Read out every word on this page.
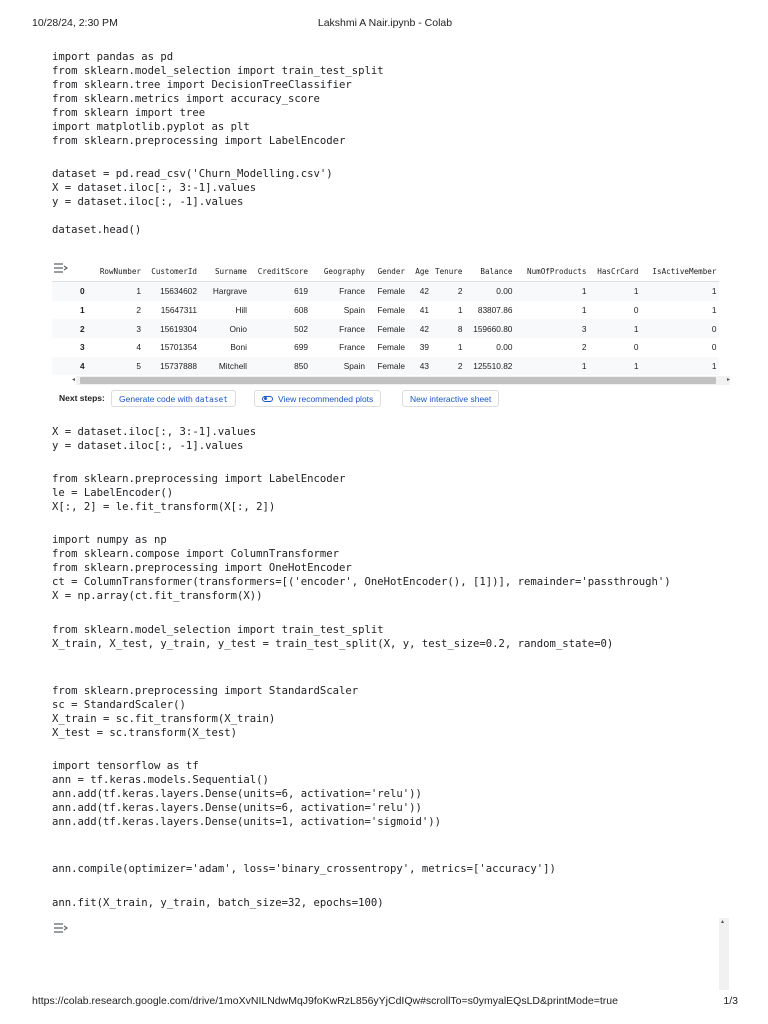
10/28/24, 2:30 PM	Lakshmi A Nair.ipynb - Colab
import pandas as pd
from sklearn.model_selection import train_test_split
from sklearn.tree import DecisionTreeClassifier
from sklearn.metrics import accuracy_score
from sklearn import tree
import matplotlib.pyplot as plt
from sklearn.preprocessing import LabelEncoder
dataset = pd.read_csv('Churn_Modelling.csv')
X = dataset.iloc[:, 3:-1].values
y = dataset.iloc[:, -1].values
dataset.head()
	RowNumber	CustomerId	Surname	CreditScore	Geography	Gender	Age	Tenure	Balance	NumOfProducts	HasCrCard	IsActiveMember
0	1	15634602	Hargrave	619	France	Female	42	2	0.00	1	1	1
1	2	15647311	Hill	608	Spain	Female	41	1	83807.86	1	0	1
2	3	15619304	Onio	502	France	Female	42	8	159660.80	3	1	0
3	4	15701354	Boni	699	France	Female	39	1	0.00	2	0	0
4	5	15737888	Mitchell	850	Spain	Female	43	2	125510.82	1	1	1
◂	▸
Next steps:	Generate code with dataset	View recommended plots	New interactive sheet
X = dataset.iloc[:, 3:-1].values
y = dataset.iloc[:, -1].values
from sklearn.preprocessing import LabelEncoder
le = LabelEncoder()
X[:, 2] = le.fit_transform(X[:, 2])
import numpy as np
from sklearn.compose import ColumnTransformer
from sklearn.preprocessing import OneHotEncoder
ct = ColumnTransformer(transformers=[('encoder', OneHotEncoder(), [1])], remainder='passthrough')
X = np.array(ct.fit_transform(X))
from sklearn.model_selection import train_test_split
X_train, X_test, y_train, y_test = train_test_split(X, y, test_size=0.2, random_state=0)
from sklearn.preprocessing import StandardScaler
sc = StandardScaler()
X_train = sc.fit_transform(X_train)
X_test = sc.transform(X_test)
import tensorflow as tf
ann = tf.keras.models.Sequential()
ann.add(tf.keras.layers.Dense(units=6, activation='relu'))
ann.add(tf.keras.layers.Dense(units=6, activation='relu'))
ann.add(tf.keras.layers.Dense(units=1, activation='sigmoid'))
ann.compile(optimizer='adam', loss='binary_crossentropy', metrics=['accuracy'])
ann.fit(X_train, y_train, batch_size=32, epochs=100)
▴
https://colab.research.google.com/drive/1moXvNILNdwMqJ9foKwRzL856yYjCdIQw#scrollTo=s0ymyalEQsLD&printMode=true	1/3
